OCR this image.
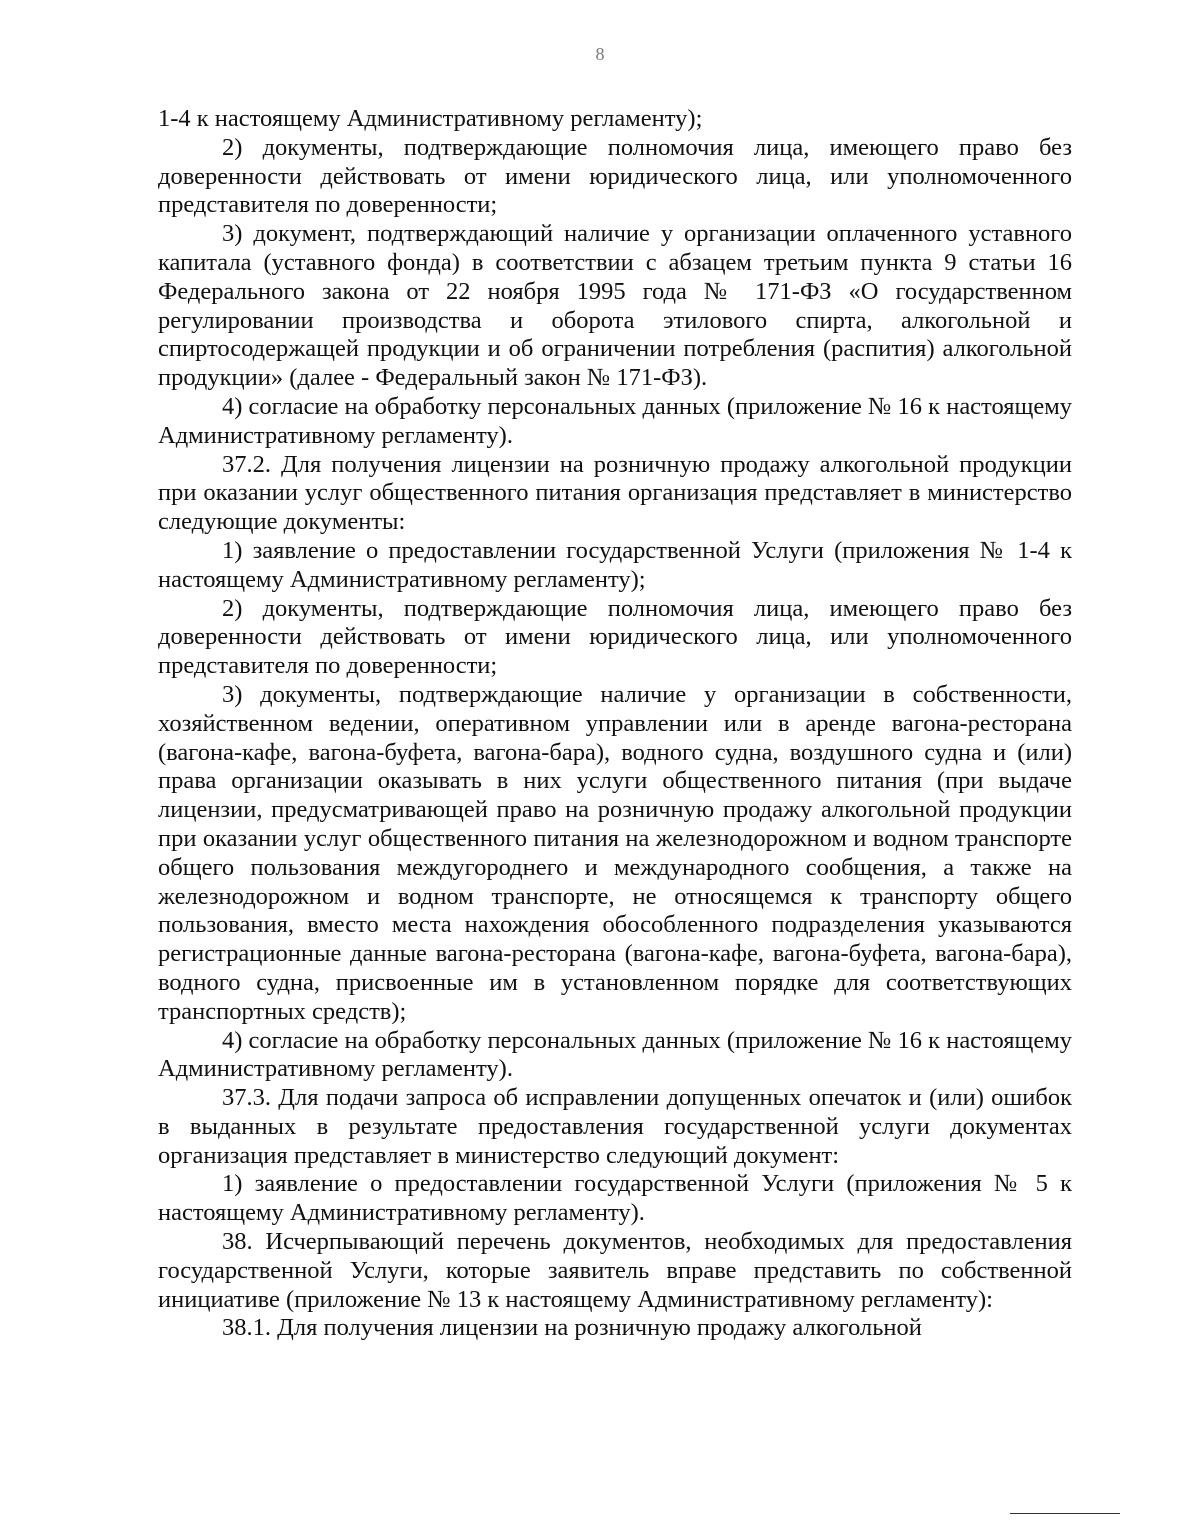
8

1-4 к настоящему Административному регламенту);

2) документы, подтверждающие полномочия лица, имеющего право без доверенности действовать от имени юридического лица, или уполномоченного представителя по доверенности;

3) документ, подтверждающий наличие у организации оплаченного уставного капитала (уставного фонда) в соответствии с абзацем третьим пункта 9 статьи 16 Федерального закона от 22 ноября 1995 года № 171-ФЗ «О государственном регулировании производства и оборота этилового спирта, алкогольной и спиртосодержащей продукции и об ограничении потребления (распития) алкогольной продукции» (далее - Федеральный закон № 171-ФЗ).

4) согласие на обработку персональных данных (приложение № 16 к настоящему Административному регламенту).

37.2. Для получения лицензии на розничную продажу алкогольной продукции при оказании услуг общественного питания организация представляет в министерство следующие документы:

1) заявление о предоставлении государственной Услуги (приложения № 1-4 к настоящему Административному регламенту);

2) документы, подтверждающие полномочия лица, имеющего право без доверенности действовать от имени юридического лица, или уполномоченного представителя по доверенности;

3) документы, подтверждающие наличие у организации в собственности, хозяйственном ведении, оперативном управлении или в аренде вагона-ресторана (вагона-кафе, вагона-буфета, вагона-бара), водного судна, воздушного судна и (или) права организации оказывать в них услуги общественного питания (при выдаче лицензии, предусматривающей право на розничную продажу алкогольной продукции при оказании услуг общественного питания на железнодорожном и водном транспорте общего пользования междугороднего и международного сообщения, а также на железнодорожном и водном транспорте, не относящемся к транспорту общего пользования, вместо места нахождения обособленного подразделения указываются регистрационные данные вагона-ресторана (вагона-кафе, вагона-буфета, вагона-бара), водного судна, присвоенные им в установленном порядке для соответствующих транспортных средств);

4) согласие на обработку персональных данных (приложение № 16 к настоящему Административному регламенту).

37.3. Для подачи запроса об исправлении допущенных опечаток и (или) ошибок в выданных в результате предоставления государственной услуги документах организация представляет в министерство следующий документ:

1) заявление о предоставлении государственной Услуги (приложения № 5 к настоящему Административному регламенту).

38. Исчерпывающий перечень документов, необходимых для предоставления государственной Услуги, которые заявитель вправе представить по собственной инициативе (приложение № 13 к настоящему Административному регламенту):

38.1. Для получения лицензии на розничную продажу алкогольной
